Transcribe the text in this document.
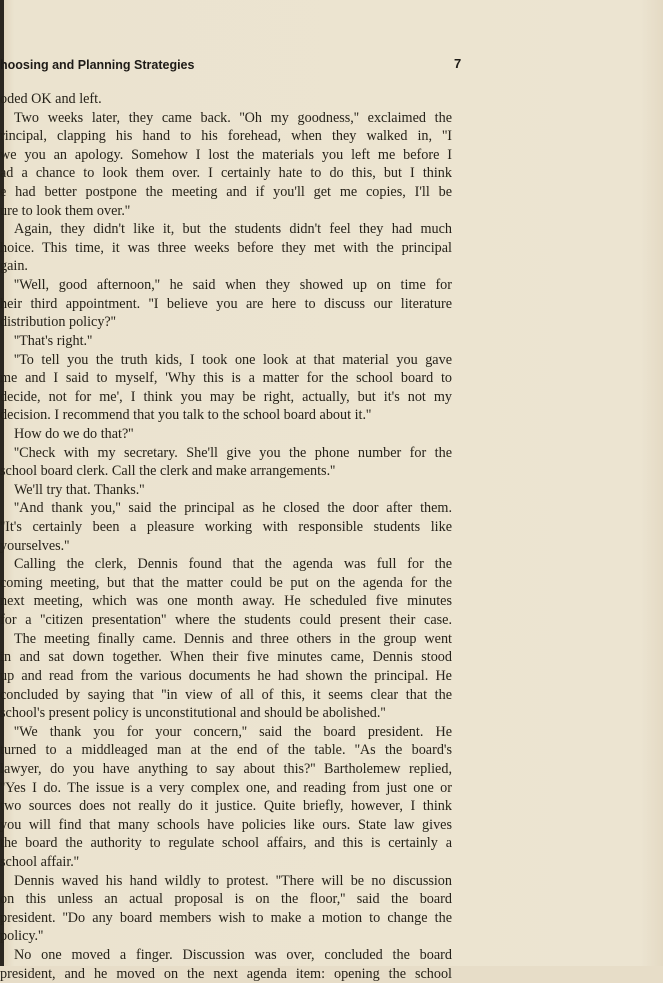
hoosing and Planning Strategies	7
oded OK and left.
Two weeks later, they came back. ''Oh my goodness,'' exclaimed the
rincipal, clapping his hand to his forehead, when they walked in, ''I
we you an apology. Somehow I lost the materials you left me before I
ad a chance to look them over. I certainly hate to do this, but I think
e had better postpone the meeting and if you'll get me copies, I'll be
ure to look them over.''
Again, they didn't like it, but the students didn't feel they had much
hoice. This time, it was three weeks before they met with the principal
gain.
''Well, good afternoon,'' he said when they showed up on time for
heir third appointment. ''I believe you are here to discuss our literature
distribution policy?''
''That's right.''
''To tell you the truth kids, I took one look at that material you gave
me and I said to myself, 'Why this is a matter for the school board to
decide, not for me', I think you may be right, actually, but it's not my
decision. I recommend that you talk to the school board about it.''
How do we do that?''
''Check with my secretary. She'll give you the phone number for the
school board clerk. Call the clerk and make arrangements.''
We'll try that. Thanks.''
''And thank you,'' said the principal as he closed the door after them.
''It's certainly been a pleasure working with responsible students like
yourselves.''
Calling the clerk, Dennis found that the agenda was full for the
coming meeting, but that the matter could be put on the agenda for the
next meeting, which was one month away. He scheduled five minutes
for a ''citizen presentation'' where the students could present their case.
The meeting finally came. Dennis and three others in the group went
in and sat down together. When their five minutes came, Dennis stood
up and read from the various documents he had shown the principal. He
concluded by saying that ''in view of all of this, it seems clear that the
school's present policy is unconstitutional and should be abolished.''
''We thank you for your concern,'' said the board president. He
turned to a middleaged man at the end of the table. ''As the board's
lawyer, do you have anything to say about this?'' Bartholemew replied,
''Yes I do. The issue is a very complex one, and reading from just one or
two sources does not really do it justice. Quite briefly, however, I think
you will find that many schools have policies like ours. State law gives
the board the authority to regulate school affairs, and this is certainly a
school affair.''
Dennis waved his hand wildly to protest. ''There will be no discussion
on this unless an actual proposal is on the floor,'' said the board
president. ''Do any board members wish to make a motion to change the
policy.''
No one moved a finger. Discussion was over, concluded the board
president, and he moved on the next agenda item: opening the school
